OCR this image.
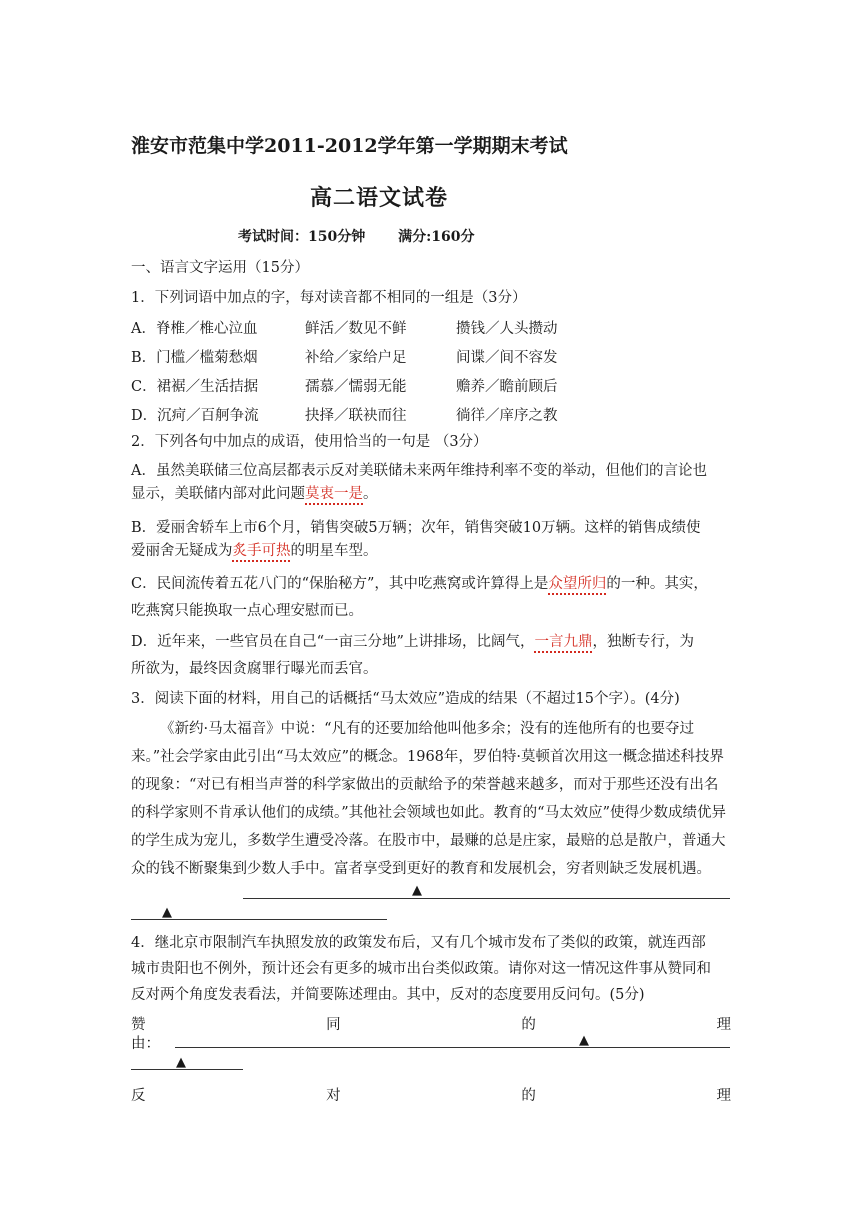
淮安市范集中学2011-2012学年第一学期期末考试
高二语文试卷
考试时间：150分钟 满分:160分
一、语言文字运用（15分）
1．下列词语中加点的字，每对读音都不相同的一组是（3分）
A．脊椎／椎心泣血	鲜活／数见不鲜	攒钱／人头攒动
B．门槛／槛菊愁烟	补给／家给户足	间谍／间不容发
C．裙裾／生活拮据	孺慕／懦弱无能	赡养／瞻前顾后
D．沉疴／百舸争流	抉择／联袂而往	徜徉／庠序之教
2．下列各句中加点的成语，使用恰当的一句是 （3分）
A．虽然美联储三位高层都表示反对美联储未来两年维持利率不变的举动，但他们的言论也
显示，美联储内部对此问题莫衷一是。
B．爱丽舍轿车上市6个月，销售突破5万辆；次年，销售突破10万辆。这样的销售成绩使
爱丽舍无疑成为炙手可热的明星车型。
C．民间流传着五花八门的“保胎秘方”，其中吃燕窝或许算得上是众望所归的一种。其实，
吃燕窝只能换取一点心理安慰而已。
D．近年来，一些官员在自己“一亩三分地”上讲排场，比阔气，一言九鼎，独断专行，为
所欲为，最终因贪腐罪行曝光而丢官。
3．阅读下面的材料，用自己的话概括“马太效应”造成的结果（不超过15个字）。(4分)
《新约·马太福音》中说：“凡有的还要加给他叫他多余；没有的连他所有的也要夺过来。”社会学家由此引出“马太效应”的概念。1968年，罗伯特·莫顿首次用这一概念描述科技界的现象：“对已有相当声誉的科学家做出的贡献给予的荣誉越来越多，而对于那些还没有出名的科学家则不肯承认他们的成绩。”其他社会领域也如此。教育的“马太效应”使得少数成绩优异的学生成为宠儿，多数学生遭受冷落。在股市中，最赚的总是庄家，最赔的总是散户，普通大众的钱不断聚集到少数人手中。富者享受到更好的教育和发展机会，穷者则缺乏发展机遇。
▲
▲
4．继北京市限制汽车执照发放的政策发布后，又有几个城市发布了类似的政策，就连西部
城市贵阳也不例外，预计还会有更多的城市出台类似政策。请你对这一情况这件事从赞同和
反对两个角度发表看法，并简要陈述理由。其中，反对的态度要用反问句。(5分)
赞	同	的	理
由：	▲
▲
反	对	的	理
